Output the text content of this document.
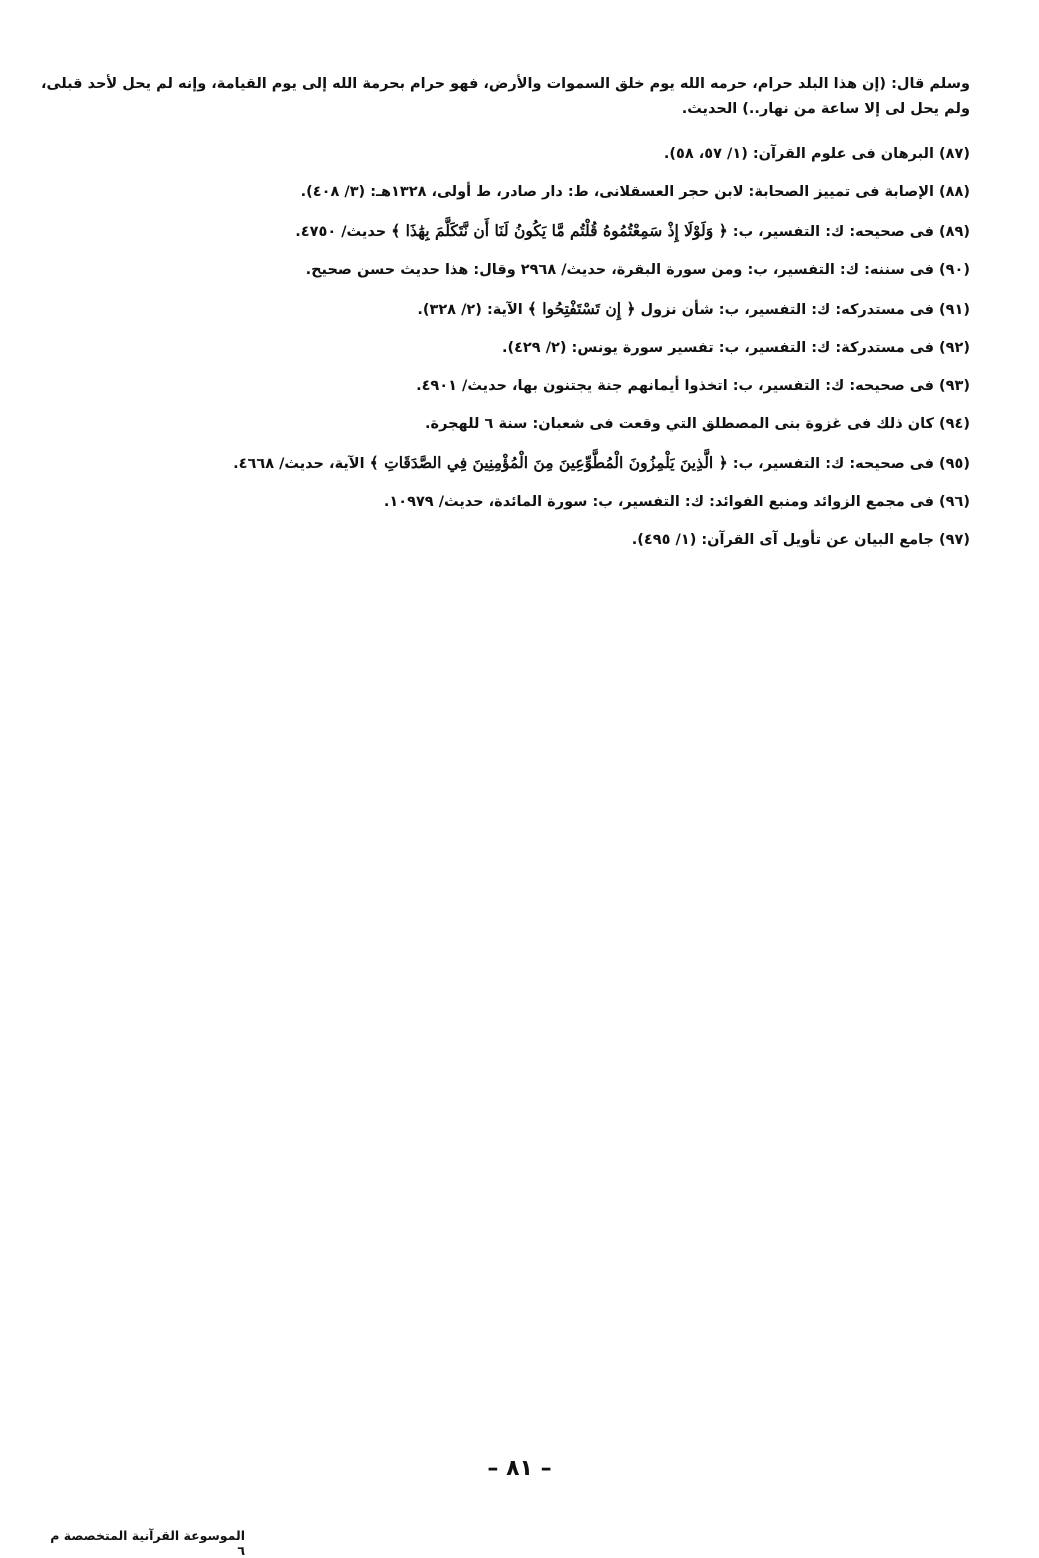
وسلم قال: (إن هذا البلد حرام، حرمه الله يوم خلق السموات والأرض، فهو حرام بحرمة الله إلى يوم القيامة، وإنه لم يحل لأحد قبلى، ولم يحل لى إلا ساعة من نهار..) الحديث.

(٨٧) البرهان فى علوم القرآن: (١/ ٥٧، ٥٨).

(٨٨) الإصابة فى تمييز الصحابة: لابن حجر العسقلانى، ط: دار صادر، ط أولى، ١٣٢٨هـ: (٣/ ٤٠٨).

(٨٩) فى صحيحه: ك: التفسير، ب: ﴿ وَلَوْلَا إِذْ سَمِعْتُمُوهُ قُلْتُم مَّا يَكُونُ لَنَا أَن نَّتَكَلَّمَ بِهَٰذَا ﴾ حديث/ ٤٧٥٠.

(٩٠) فى سننه: ك: التفسير، ب: ومن سورة البقرة، حديث/ ٢٩٦٨ وقال: هذا حديث حسن صحيح.

(٩١) فى مستدركه: ك: التفسير، ب: شأن نزول ﴿ إِن تَسْتَفْتِحُوا ﴾ الآية: (٢/ ٣٢٨).

(٩٢) فى مستدركة: ك: التفسير، ب: تفسير سورة يونس: (٢/ ٤٢٩).

(٩٣) فى صحيحه: ك: التفسير، ب: اتخذوا أيمانهم جنة يجتنون بها، حديث/ ٤٩٠١.

(٩٤) كان ذلك فى غزوة بنى المصطلق التي وقعت فى شعبان: سنة ٦ للهجرة.

(٩٥) فى صحيحه: ك: التفسير، ب: ﴿ الَّذِينَ يَلْمِزُونَ الْمُطَّوِّعِينَ مِنَ الْمُؤْمِنِينَ فِي الصَّدَقَاتِ ﴾ الآية، حديث/ ٤٦٦٨.

(٩٦) فى مجمع الزوائد ومنبع الفوائد: ك: التفسير، ب: سورة المائدة، حديث/ ١٠٩٧٩.

(٩٧) جامع البيان عن تأويل آى القرآن: (١/ ٤٩٥).

– ٨١ –
الموسوعة القرآنية المتخصصة م ٦
